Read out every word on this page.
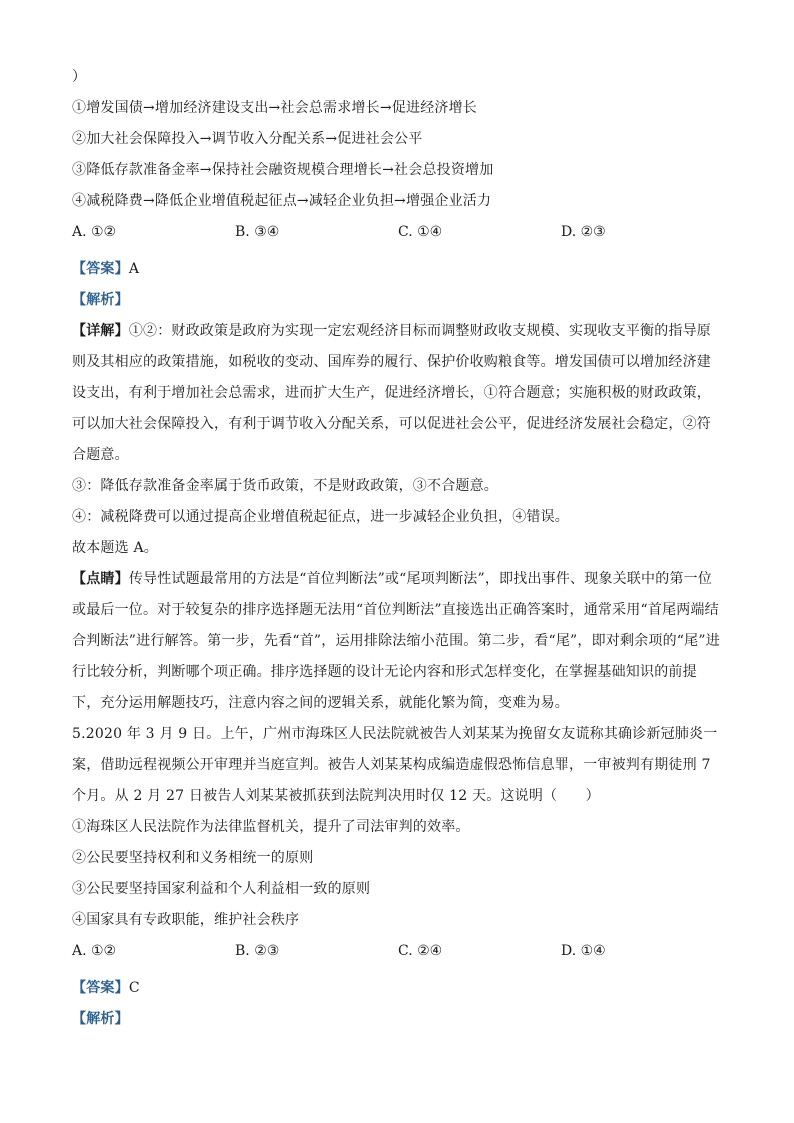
）
①增发国债→增加经济建设支出→社会总需求增长→促进经济增长
②加大社会保障投入→调节收入分配关系→促进社会公平
③降低存款准备金率→保持社会融资规模合理增长→社会总投资增加
④减税降费→降低企业增值税起征点→减轻企业负担→增强企业活力
A. ①②	B. ③④	C. ①④	D. ②③
【答案】A
【解析】
【详解】①②：财政政策是政府为实现一定宏观经济目标而调整财政收支规模、实现收支平衡的指导原则及其相应的政策措施，如税收的变动、国库券的履行、保护价收购粮食等。增发国债可以增加经济建设支出，有利于增加社会总需求，进而扩大生产，促进经济增长，①符合题意；实施积极的财政政策，可以加大社会保障投入，有利于调节收入分配关系，可以促进社会公平，促进经济发展社会稳定，②符合题意。
③：降低存款准备金率属于货币政策，不是财政政策，③不合题意。
④：减税降费可以通过提高企业增值税起征点，进一步减轻企业负担，④错误。
故本题选 A。
【点睛】传导性试题最常用的方法是“首位判断法”或“尾项判断法”，即找出事件、现象关联中的第一位或最后一位。对于较复杂的排序选择题无法用“首位判断法”直接选出正确答案时，通常采用“首尾两端结合判断法”进行解答。第一步，先看“首”，运用排除法缩小范围。第二步，看“尾”，即对剩余项的“尾”进行比较分析，判断哪个项正确。排序选择题的设计无论内容和形式怎样变化，在掌握基础知识的前提下，充分运用解题技巧，注意内容之间的逻辑关系，就能化繁为简，变难为易。
5.2020 年 3 月 9 日。上午，广州市海珠区人民法院就被告人刘某某为挽留女友谎称其确诊新冠肺炎一案，借助远程视频公开审理并当庭宣判。被告人刘某某构成编造虚假恐怖信息罪，一审被判有期徒刑 7 个月。从 2 月 27 日被告人刘某某被抓获到法院判决用时仅 12 天。这说明（　　）
①海珠区人民法院作为法律监督机关，提升了司法审判的效率。
②公民要坚持权利和义务相统一的原则
③公民要坚持国家利益和个人利益相一致的原则
④国家具有专政职能，维护社会秩序
A. ①②	B. ②③	C. ②④	D. ①④
【答案】C
【解析】
